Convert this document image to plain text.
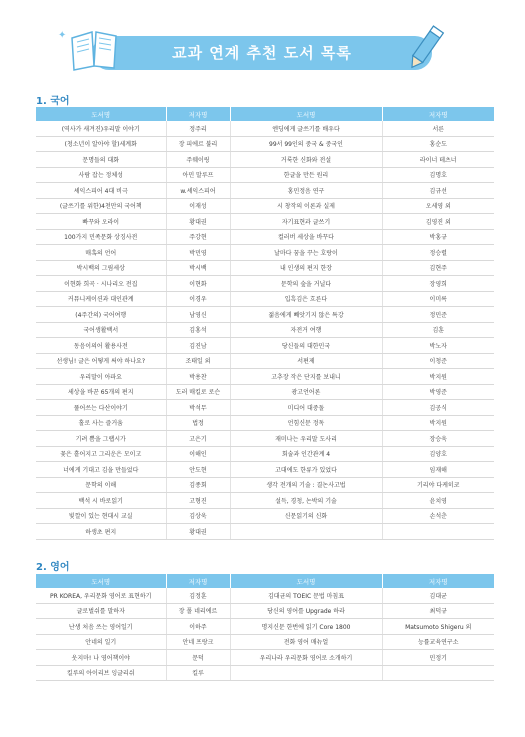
교과 연계 추천 도서 목록
✦
✦
1. 국어
도서명	저자명	도서명	저자명
(역사가 새겨진)우리말 이야기	정주리	엔딩에게 글쓰기를 배우다	서른
(청소년이 알아야 할)세계화	장 피에르 불리	99서 99인의 중국 & 중국인	홍순도
문명들의 대화	주웨이링	거룩한 신화와 전설	라이너 테츠너
사람 잡는 정체성	아민 말루프	한글을 만든 원리	김명호
셰익스피어 4대 비극	w.셰익스피어	홍민정음 연구	김규선
(글쓰기를 위한)4천만의 국어책	이재성	시 창작의 이론과 실제	오세영 외
빠꾸와 오라이	황대권	자기표현과 글쓰기	김영진 외
100가지 민족문화 상징사전	주강현	컬러버 세상을 바꾸다	박홍규
매혹의 언어	박민영	날마다 꿈을 꾸는 호랑이	정승렬
박시백의 그림세상	박시백	내 인생의 편지 한장	김현주
이현화 희곡 · 시나리오 전집	이현화	문학의 숲을 거닐다	장영희
커뮤니케이션과 대인관계	이경우	입흑김은 흐른다	이미륵
(4주간의) 국어여행	남영신	젊음에게 빼앗기지 않은 특강	정민준
국어생활백서	김홍석	자전거 여행	김훈
동음이의어 활용사전	김진남	당신들의 대한민국	박노자
선생님! 글은 어떻게 써야 하나요?	조태일 외	서편제	이청준
우리말이 아파요	박용찬	고추장 작은 단지를 보내니	박지원
세상을 바꾼 65개의 편지	도러 매킬로 로슨	광고언어론	박영준
풀어쓰는 다산이야기	박석무	미디어 대중돌	김공식
홀로 사는 즐거움	법정	언힘신문 정독	박지원
기려 쁨을 그랩시가	고은기	재미나는 우리말 도사리	장승욱
꽃은 흩어지고 그리운은 모이고	이해인	회술과 인간관계 4	김양호
너에게 기대고 김을 만들었다	안도현	고대에도 한류가 있었다	임재해
문학의 이해	김종회	생각 전개의 기술 : 결논사고법	기리야 다케히코
백석 시 바로읽기	고형진	설득, 경청, 논박의 기술	윤치영
빛깔이 있는 현대시 교실	김상욱	신문읽기의 신화	손석춘
하생초 편지	황대권		
2. 영어
도서명	저자명	도서명	저자명
PR KOREA, 우리문화 영어로 표현하기	김정훈	김대균의 TOEIC 문법 마침표	김대균
글로벌쉬를 말하자	장 폴 네리에르	당신의 영어를 Upgrade 하라	최덕규
난생 처음 쓰는 영어일기	이하주	명지신문 한번에 읽기 Core 1800	Matsumoto Shigeru 외
안네의 일기	안네 프랑크	전화 영어 매뉴얼	능률교육연구소
웃지마! 나 영어책이야	문덕	우리나라 우리문화 영어로 소개하기	민정기
킬루의 아이리브 잉글리쉬	킬루		
